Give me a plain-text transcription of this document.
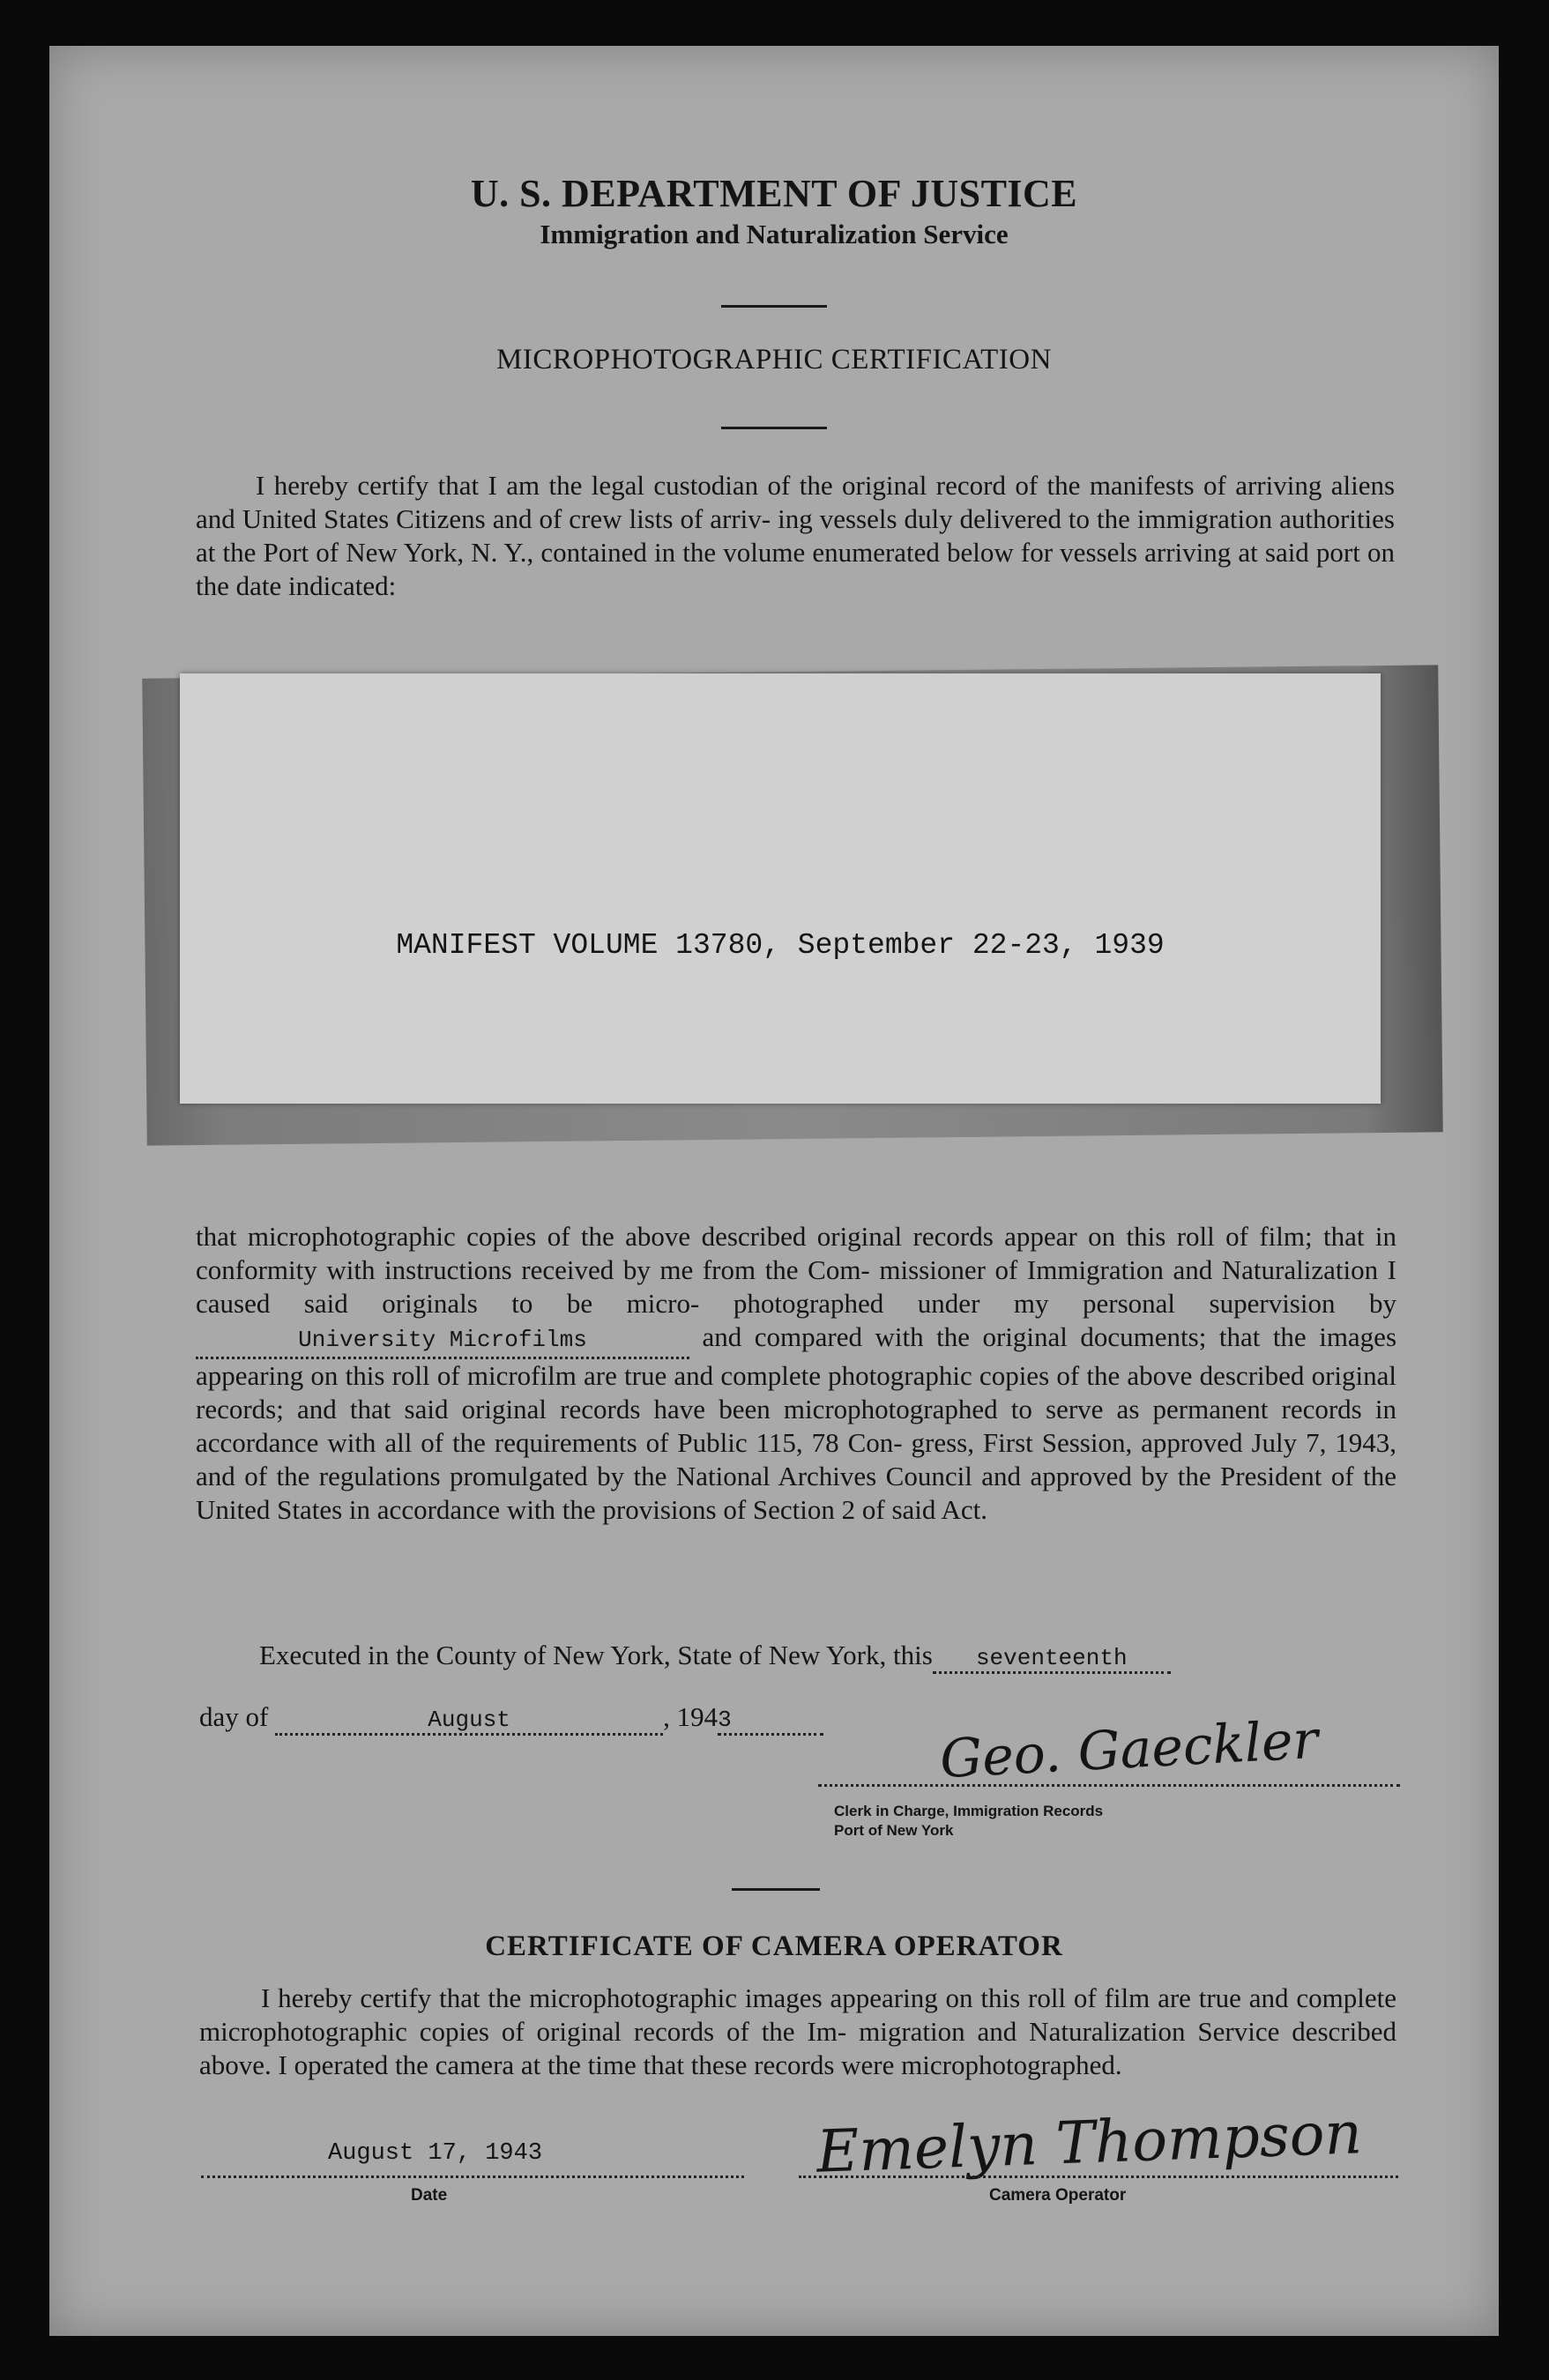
U. S. DEPARTMENT OF JUSTICE
Immigration and Naturalization Service
MICROPHOTOGRAPHIC CERTIFICATION
I hereby certify that I am the legal custodian of the original record of the manifests of arriving aliens and United States Citizens and of crew lists of arriv- ing vessels duly delivered to the immigration authorities at the Port of New York, N. Y., contained in the volume enumerated below for vessels arriving at said port on the date indicated:
MANIFEST VOLUME 13780, September 22-23, 1939
that microphotographic copies of the above described original records appear on this roll of film; that in conformity with instructions received by me from the Com- missioner of Immigration and Naturalization I caused said originals to be micro- photographed under my personal supervision byUniversity Microfilms	and compared with the original documents; that the images appearing on this roll of microfilm are true and complete photographic copies of the above described original records; and that said original records have been microphotographed to serve as permanent records in accordance with all of the requirements of Public 115, 78 Con- gress, First Session, approved July 7, 1943, and of the regulations promulgated by the National Archives Council and approved by the President of the United States in accordance with the provisions of Section 2 of said Act.
Executed in the County of New York, State of New York, this seventeenth
day of	August	, 1943	Geo. Gaeckler
Clerk in Charge, Immigration Records
Port of New York
CERTIFICATE OF CAMERA OPERATOR
I hereby certify that the microphotographic images appearing on this roll of film are true and complete microphotographic copies of original records of the Im- migration and Naturalization Service described above. I operated the camera at the time that these records were microphotographed.
August 17, 1943
Date
Emelyn Thompson
Camera Operator
